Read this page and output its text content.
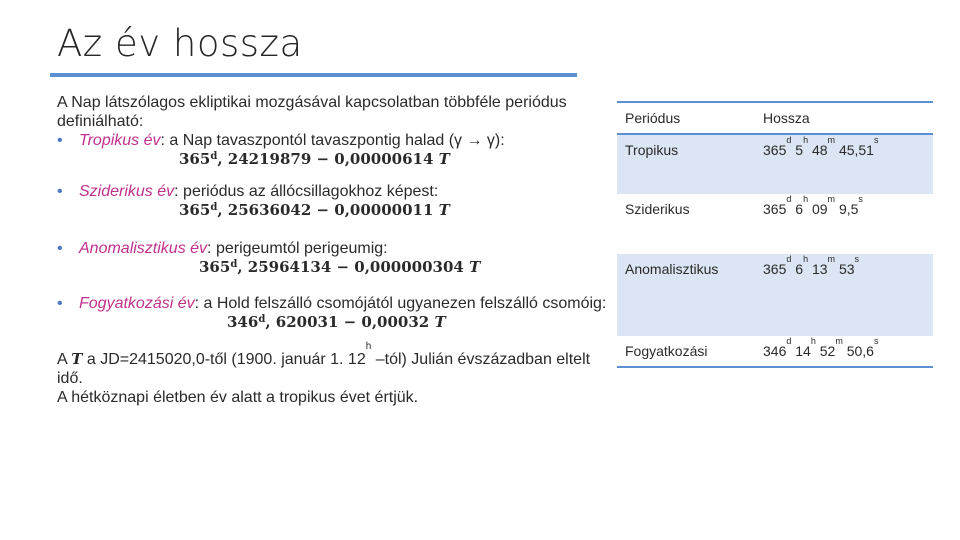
Az év hossza

A Nap látszólagos ekliptikai mozgásával kapcsolatban többféle periódus definiálható:

• Tropikus év: a Nap tavaszpontól tavaszpontig halad (γ → γ):
365$^d$, 24219879 − 0,00000614 T
• Sziderikus év: periódus az állócsillagokhoz képest:
365$^d$, 25636042 − 0,00000011 T
• Anomalisztikus év: perigeumtól perigeumig:
365$^d$, 25964134 − 0,000000304 T
• Fogyatkozási év: a Hold felszálló csomójától ugyanezen felszálló csomóig:
346$^d$, 620031 − 0,00032 T

A T a JD=2415020,0-től (1900. január 1. 12$^h$ –tól) Julián évszázadban eltelt idő.

A hétköznapi életben év alatt a tropikus évet értjük.

Periódus	Hossza
Tropikus	365$^d$ 5$^h$ 48$^m$ 45,51$^s$
Sziderikus	365$^d$ 6$^h$ 09$^m$ 9,5$^s$
Anomalisztikus	365$^d$ 6$^h$ 13$^m$ 53$^s$
Fogyatkozási	346$^d$ 14$^h$ 52$^m$ 50,6$^s$
